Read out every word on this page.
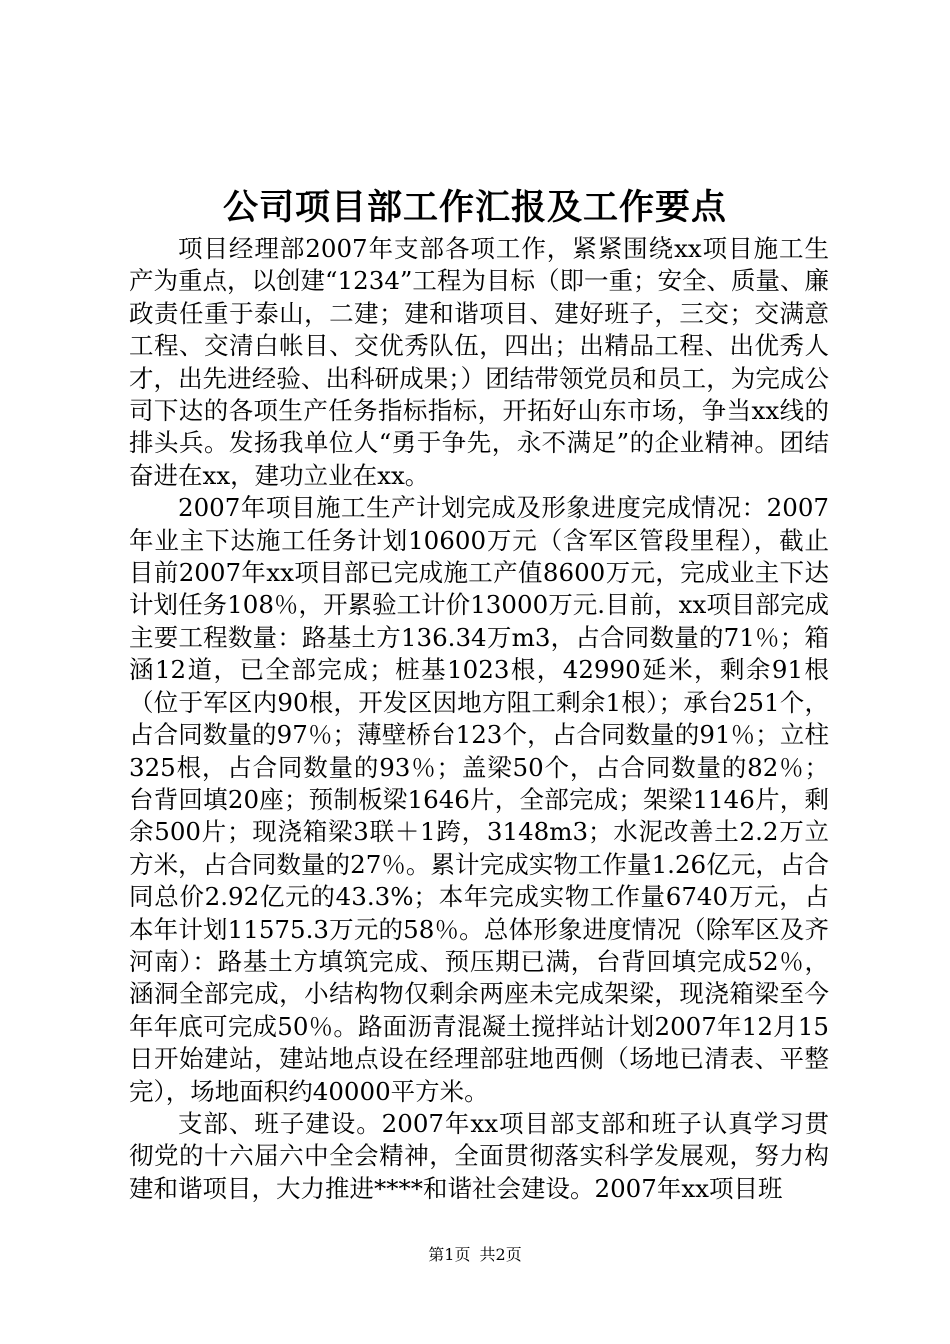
公司项目部工作汇报及工作要点

项目经理部2007年支部各项工作，紧紧围绕xx项目施工生产为重点，以创建“1234”工程为目标（即一重；安全、质量、廉政责任重于泰山，二建；建和谐项目、建好班子，三交；交满意工程、交清白帐目、交优秀队伍，四出；出精品工程、出优秀人才，出先进经验、出科研成果；）团结带领党员和员工，为完成公司下达的各项生产任务指标指标，开拓好山东市场，争当xx线的排头兵。发扬我单位人“勇于争先，永不满足”的企业精神。团结奋进在xx，建功立业在xx。

2007年项目施工生产计划完成及形象进度完成情况：2007年业主下达施工任务计划10600万元（含军区管段里程），截止目前2007年xx项目部已完成施工产值8600万元，完成业主下达计划任务108％，开累验工计价13000万元.目前，xx项目部完成主要工程数量：路基土方136.34万m3，占合同数量的71％；箱涵12道，已全部完成；桩基1023根，42990延米，剩余91根（位于军区内90根，开发区因地方阻工剩余1根）；承台251个，占合同数量的97％；薄壁桥台123个，占合同数量的91％；立柱325根，占合同数量的93％；盖梁50个，占合同数量的82％；台背回填20座；预制板梁1646片，全部完成；架梁1146片，剩余500片；现浇箱梁3联＋1跨，3148m3；水泥改善土2.2万立方米，占合同数量的27％。累计完成实物工作量1.26亿元，占合同总价2.92亿元的43.3%；本年完成实物工作量6740万元，占本年计划11575.3万元的58％。总体形象进度情况（除军区及齐河南）：路基土方填筑完成、预压期已满，台背回填完成52％，涵洞全部完成，小结构物仅剩余两座未完成架梁，现浇箱梁至今年年底可完成50％。路面沥青混凝土搅拌站计划2007年12月15日开始建站，建站地点设在经理部驻地西侧（场地已清表、平整完），场地面积约40000平方米。

支部、班子建设。2007年xx项目部支部和班子认真学习贯彻党的十六届六中全会精神，全面贯彻落实科学发展观，努力构建和谐项目，大力推进****和谐社会建设。2007年xx项目班

第1页 共2页
